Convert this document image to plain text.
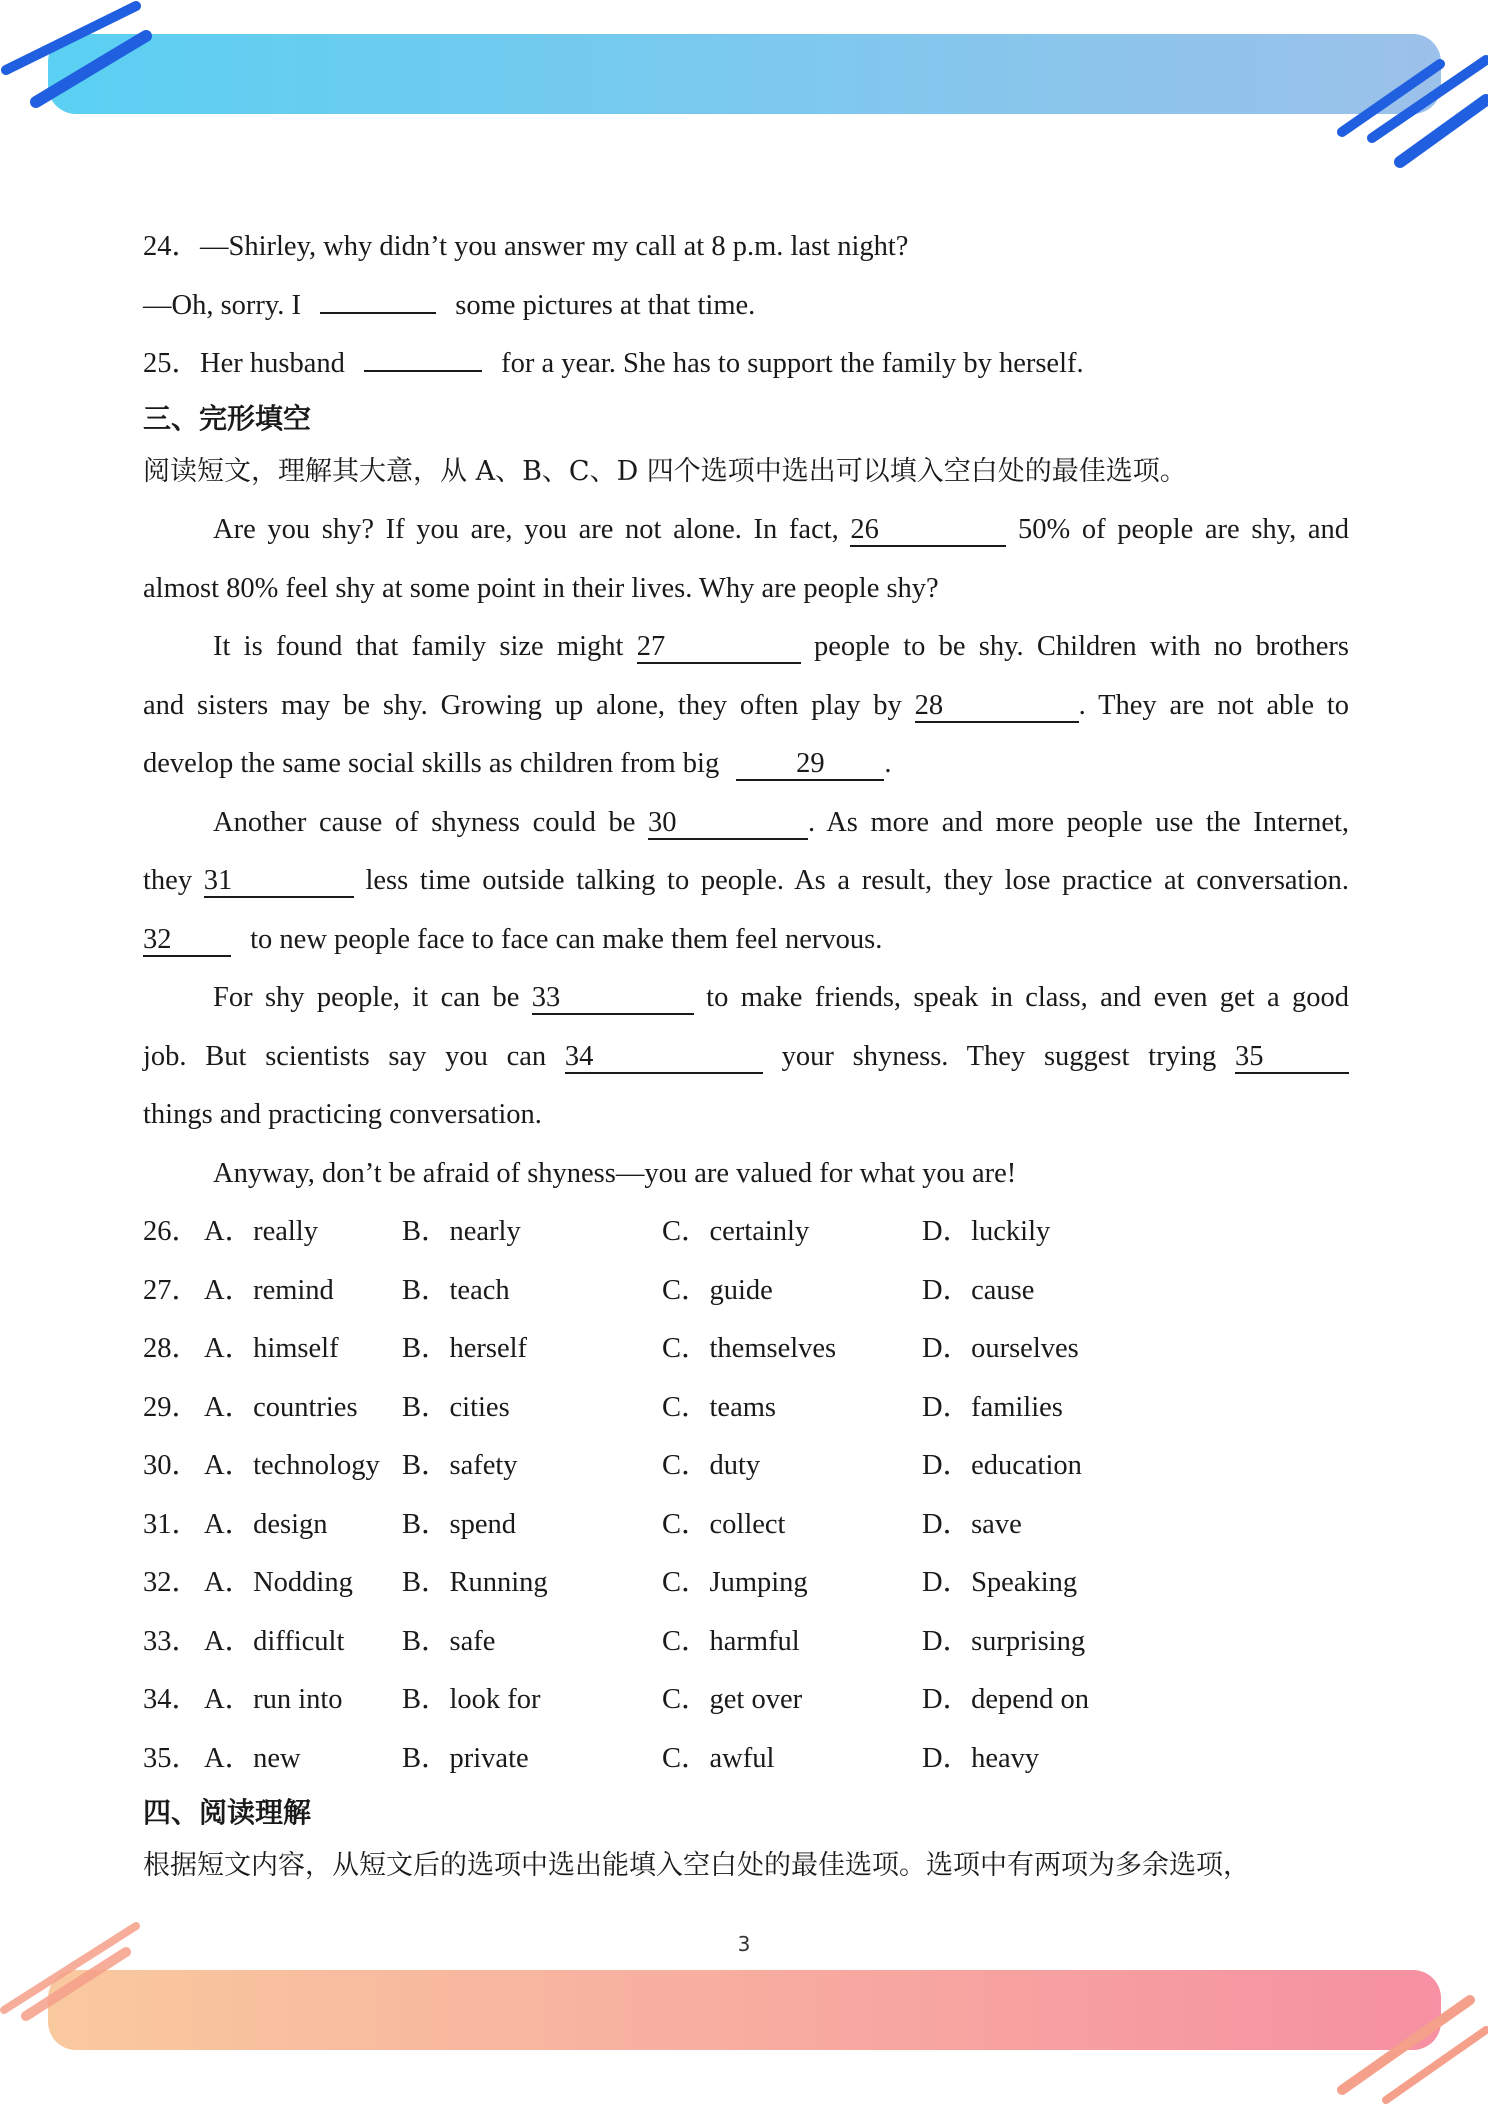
24．—Shirley, why didn’t you answer my call at 8 p.m. last night?
—Oh, sorry. I	some pictures at that time.
25．Her husband	for a year. She has to support the family by herself.
三、完形填空
阅读短文，理解其大意，从 A、B、C、D 四个选项中选出可以填入空白处的最佳选项。
Are you shy? If you are, you are not alone. In fact, 26	50% of people are shy, and
almost 80% feel shy at some point in their lives. Why are people shy?
It is found that family size might 27	people to be shy. Children with no brothers
and sisters may be shy. Growing up alone, they often play by 28	. They are not able to
develop the same social skills as children from big	29 .
Another cause of shyness could be 30	. As more and more people use the Internet,
they 31	less time outside talking to people. As a result, they lose practice at conversation.
32	to new people face to face can make them feel nervous.
For shy people, it can be 33	to make friends, speak in class, and even get a good
job. But scientists say you can 34	your shyness. They suggest trying 35
things and practicing conversation.
Anyway, don’t be afraid of shyness—you are valued for what you are!
26． A．really	B．nearly	C．certainly	D．luckily
27． A．remind B．teach	C．guide	D．cause
28． A．himself B．herself	C．themselves	D．ourselves
29． A．countries B．cities	C．teams	D．families
30． A．technology B．safety	C．duty	D．education
31． A．design	B．spend	C．collect	D．save
32． A．Nodding B．Running	C．Jumping	D．Speaking
33． A．difficult B．safe	C．harmful	D．surprising
34． A．run into B．look for	C．get over	D．depend on
35． A．new	B．private	C．awful	D．heavy
四、阅读理解
根据短文内容，从短文后的选项中选出能填入空白处的最佳选项。选项中有两项为多余选项，
3
